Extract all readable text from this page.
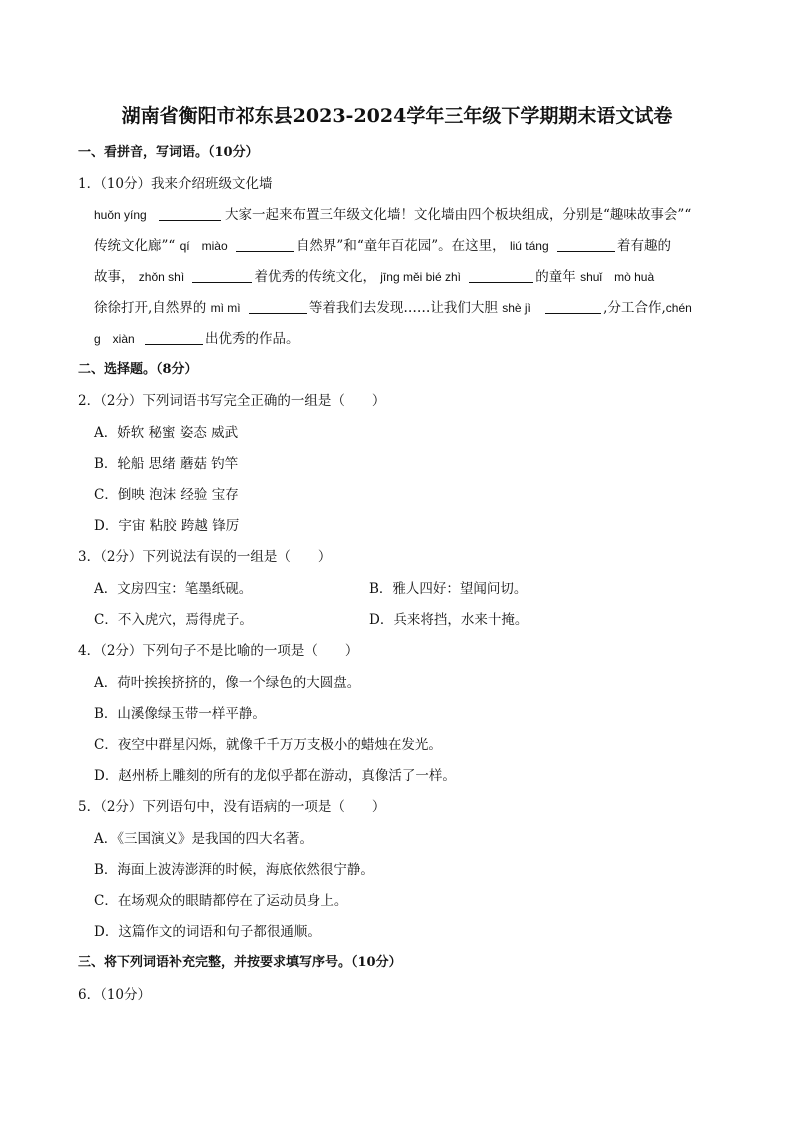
湖南省衡阳市祁东县2023-2024学年三年级下学期期末语文试卷
一、看拼音，写词语。（10分）
1．（10分）我来介绍班级文化墙
huǒn yíng	大家一起来布置三年级文化墙！文化墙由四个板块组成，分别是“趣味故事会”“
传统文化廊”“ qí　miào	自然界”和“童年百花园”。在这里， liú táng	着有趣的
故事， zhǒn shì	着优秀的传统文化， jīng měi bié zhì	的童年 shuǐ　mò huà
徐徐打开,自然界的 mì mì	等着我们去发现……让我们大胆 shè jì	,分工合作,chén
g　xiàn	出优秀的作品。
二、选择题。（8分）
2．（2分）下列词语书写完全正确的一组是（　　）
A．娇软 秘蜜 姿态 威武
B．轮船 思绪 蘑菇 钓竿
C．倒映 泡沫 经验 宝存
D．宇宙 粘胶 跨越 锋厉
3．（2分）下列说法有误的一组是（　　）
A．文房四宝：笔墨纸砚。	B．雅人四好：望闻问切。
C．不入虎穴，焉得虎子。	D．兵来将挡，水来十掩。
4．（2分）下列句子不是比喻的一项是（　　）
A．荷叶挨挨挤挤的，像一个绿色的大圆盘。
B．山溪像绿玉带一样平静。
C．夜空中群星闪烁，就像千千万万支极小的蜡烛在发光。
D．赵州桥上雕刻的所有的龙似乎都在游动，真像活了一样。
5．（2分）下列语句中，没有语病的一项是（　　）
A．《三国演义》是我国的四大名著。
B．海面上波涛澎湃的时候，海底依然很宁静。
C．在场观众的眼睛都停在了运动员身上。
D．这篇作文的词语和句子都很通顺。
三、将下列词语补充完整，并按要求填写序号。（10分）
6．（10分）
